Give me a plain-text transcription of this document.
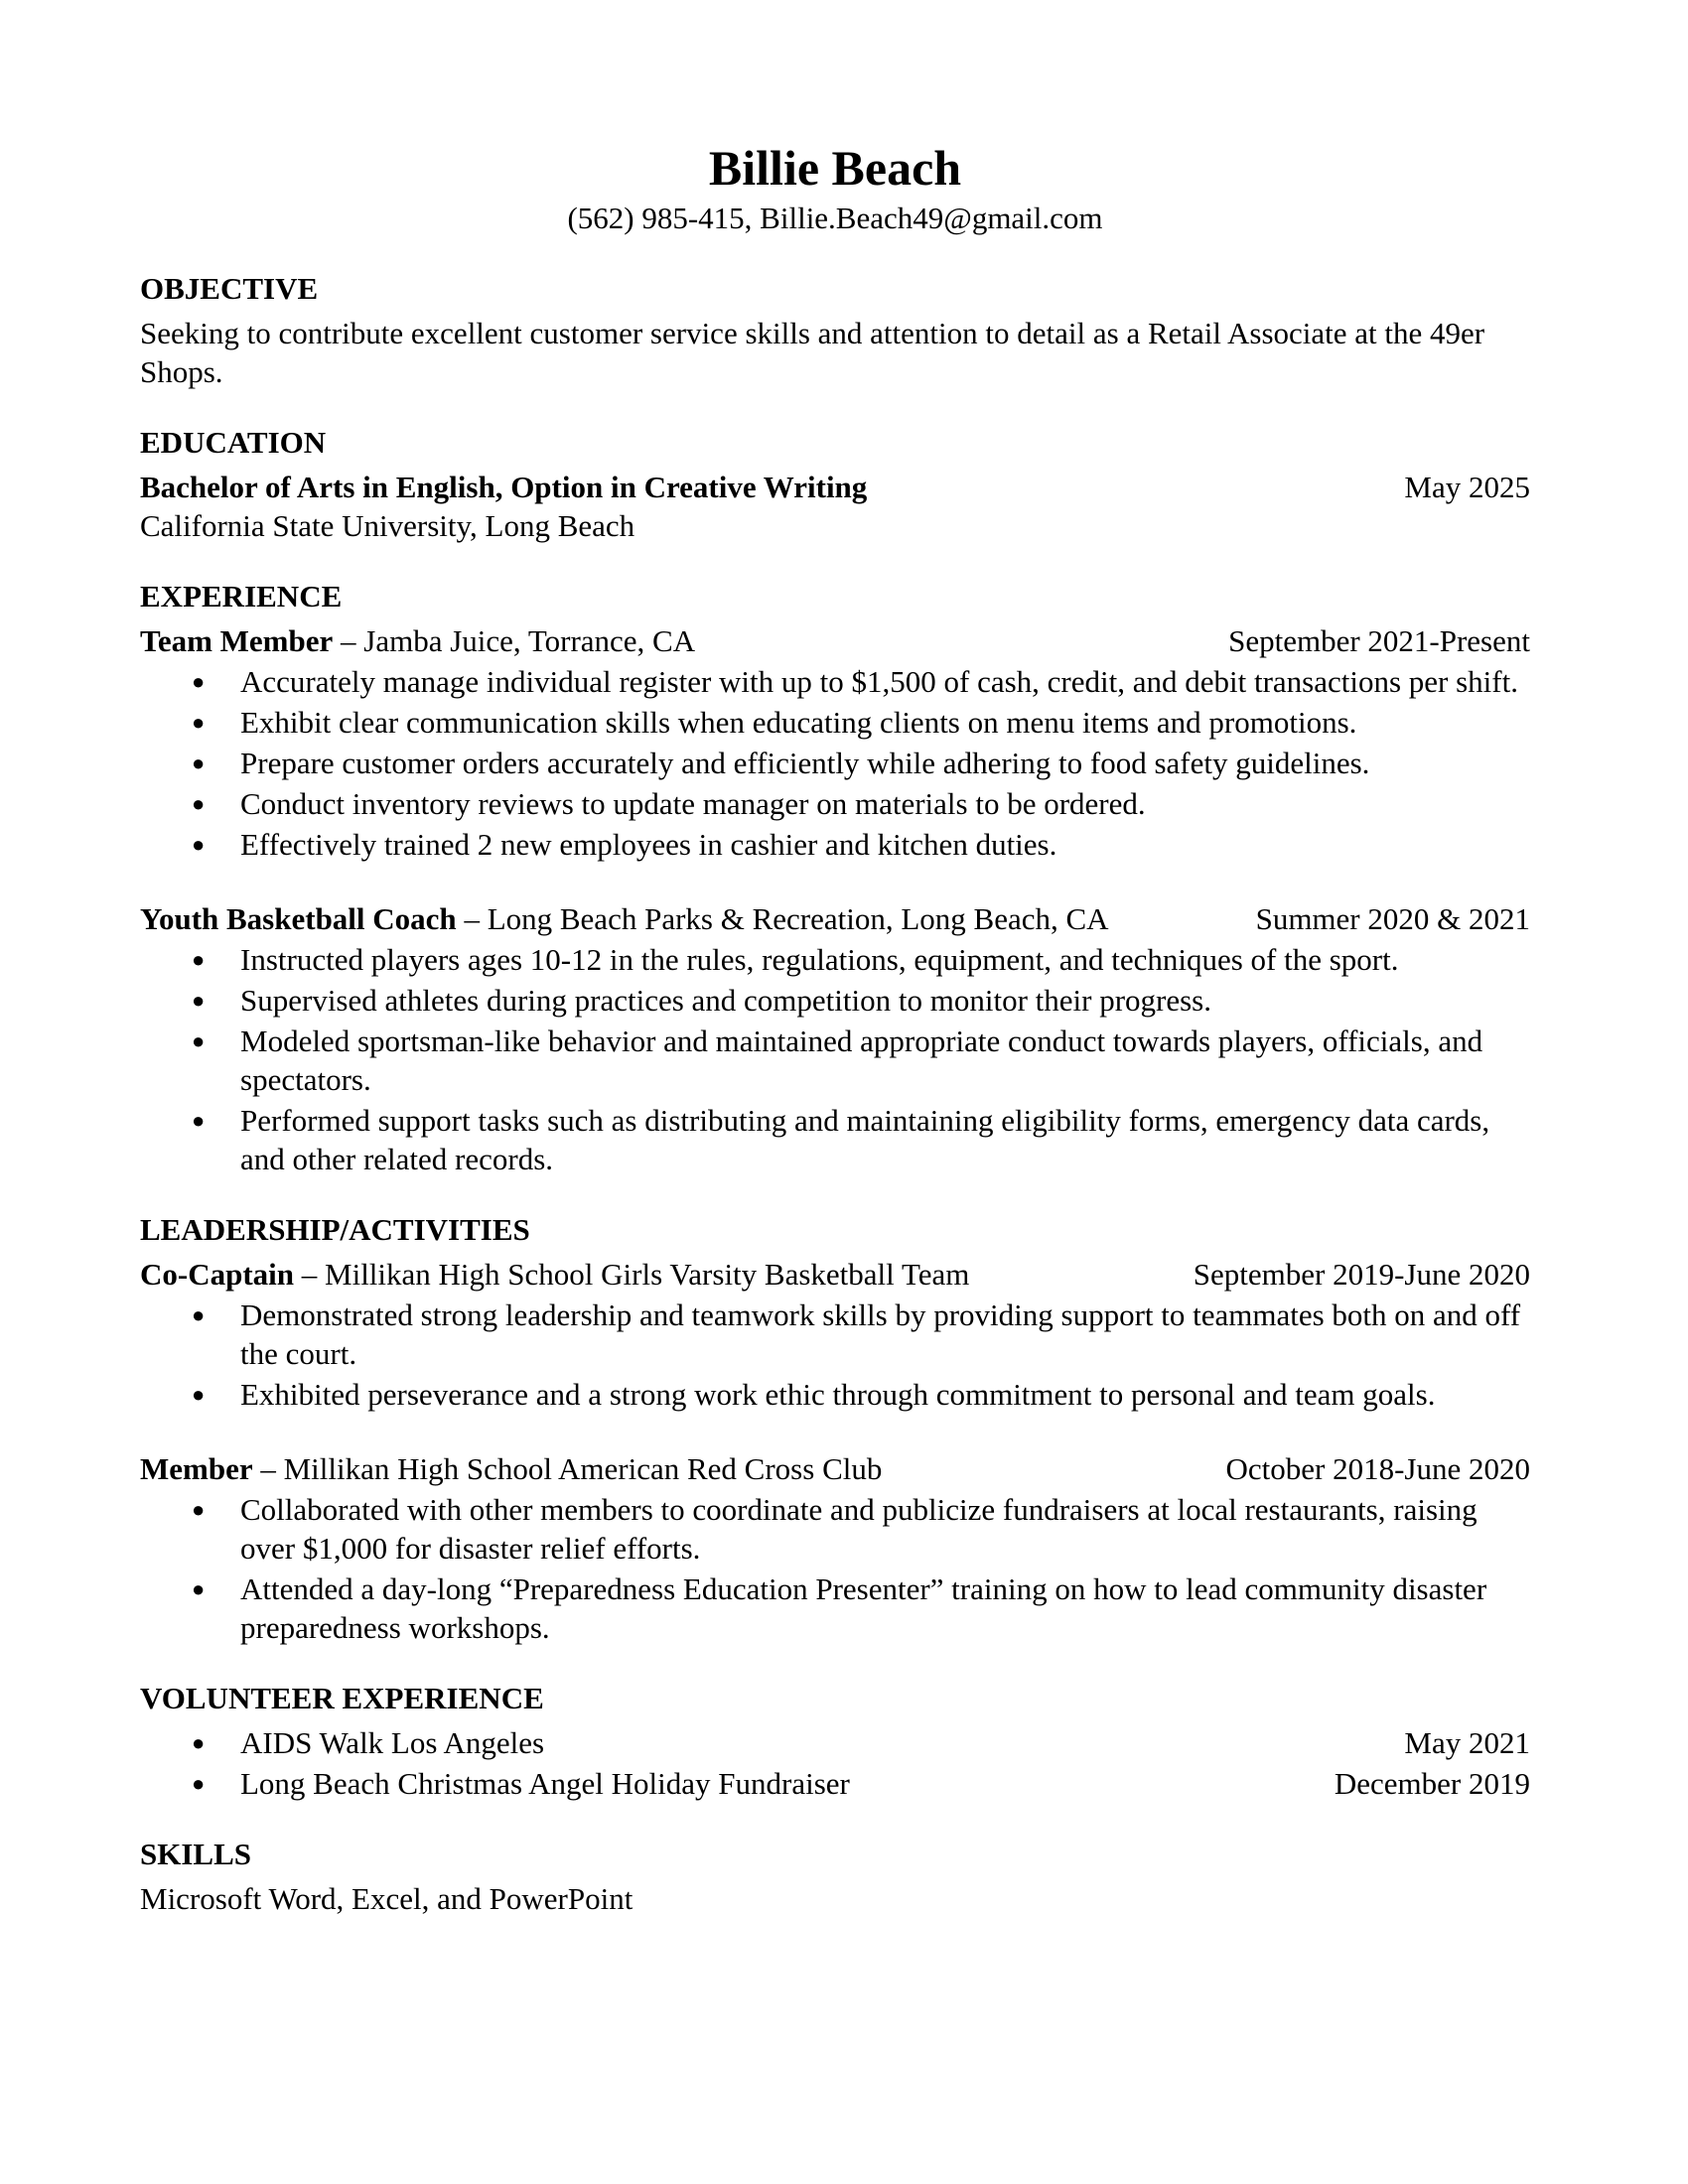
Billie Beach

(562) 985-415, Billie.Beach49@gmail.com

OBJECTIVE

Seeking to contribute excellent customer service skills and attention to detail as a Retail Associate at the 49er Shops.

EDUCATION

Bachelor of Arts in English, Option in Creative Writing	May 2025

California State University, Long Beach

EXPERIENCE

Team Member – Jamba Juice, Torrance, CA	September 2021-Present
● Accurately manage individual register with up to $1,500 of cash, credit, and debit transactions per shift.
● Exhibit clear communication skills when educating clients on menu items and promotions.
● Prepare customer orders accurately and efficiently while adhering to food safety guidelines.
● Conduct inventory reviews to update manager on materials to be ordered.
● Effectively trained 2 new employees in cashier and kitchen duties.
Youth Basketball Coach – Long Beach Parks & Recreation, Long Beach, CA	Summer 2020 & 2021
● Instructed players ages 10-12 in the rules, regulations, equipment, and techniques of the sport.
● Supervised athletes during practices and competition to monitor their progress.
● Modeled sportsman-like behavior and maintained appropriate conduct towards players, officials, and spectators.
● Performed support tasks such as distributing and maintaining eligibility forms, emergency data cards, and other related records.

LEADERSHIP/ACTIVITIES

Co-Captain – Millikan High School Girls Varsity Basketball Team	September 2019-June 2020
● Demonstrated strong leadership and teamwork skills by providing support to teammates both on and off the court.
● Exhibited perseverance and a strong work ethic through commitment to personal and team goals.
Member – Millikan High School American Red Cross Club	October 2018-June 2020
● Collaborated with other members to coordinate and publicize fundraisers at local restaurants, raising over $1,000 for disaster relief efforts.
● Attended a day-long “Preparedness Education Presenter” training on how to lead community disaster preparedness workshops.

VOLUNTEER EXPERIENCE

● AIDS Walk Los Angeles	May 2021
● Long Beach Christmas Angel Holiday Fundraiser	December 2019

SKILLS

Microsoft Word, Excel, and PowerPoint
